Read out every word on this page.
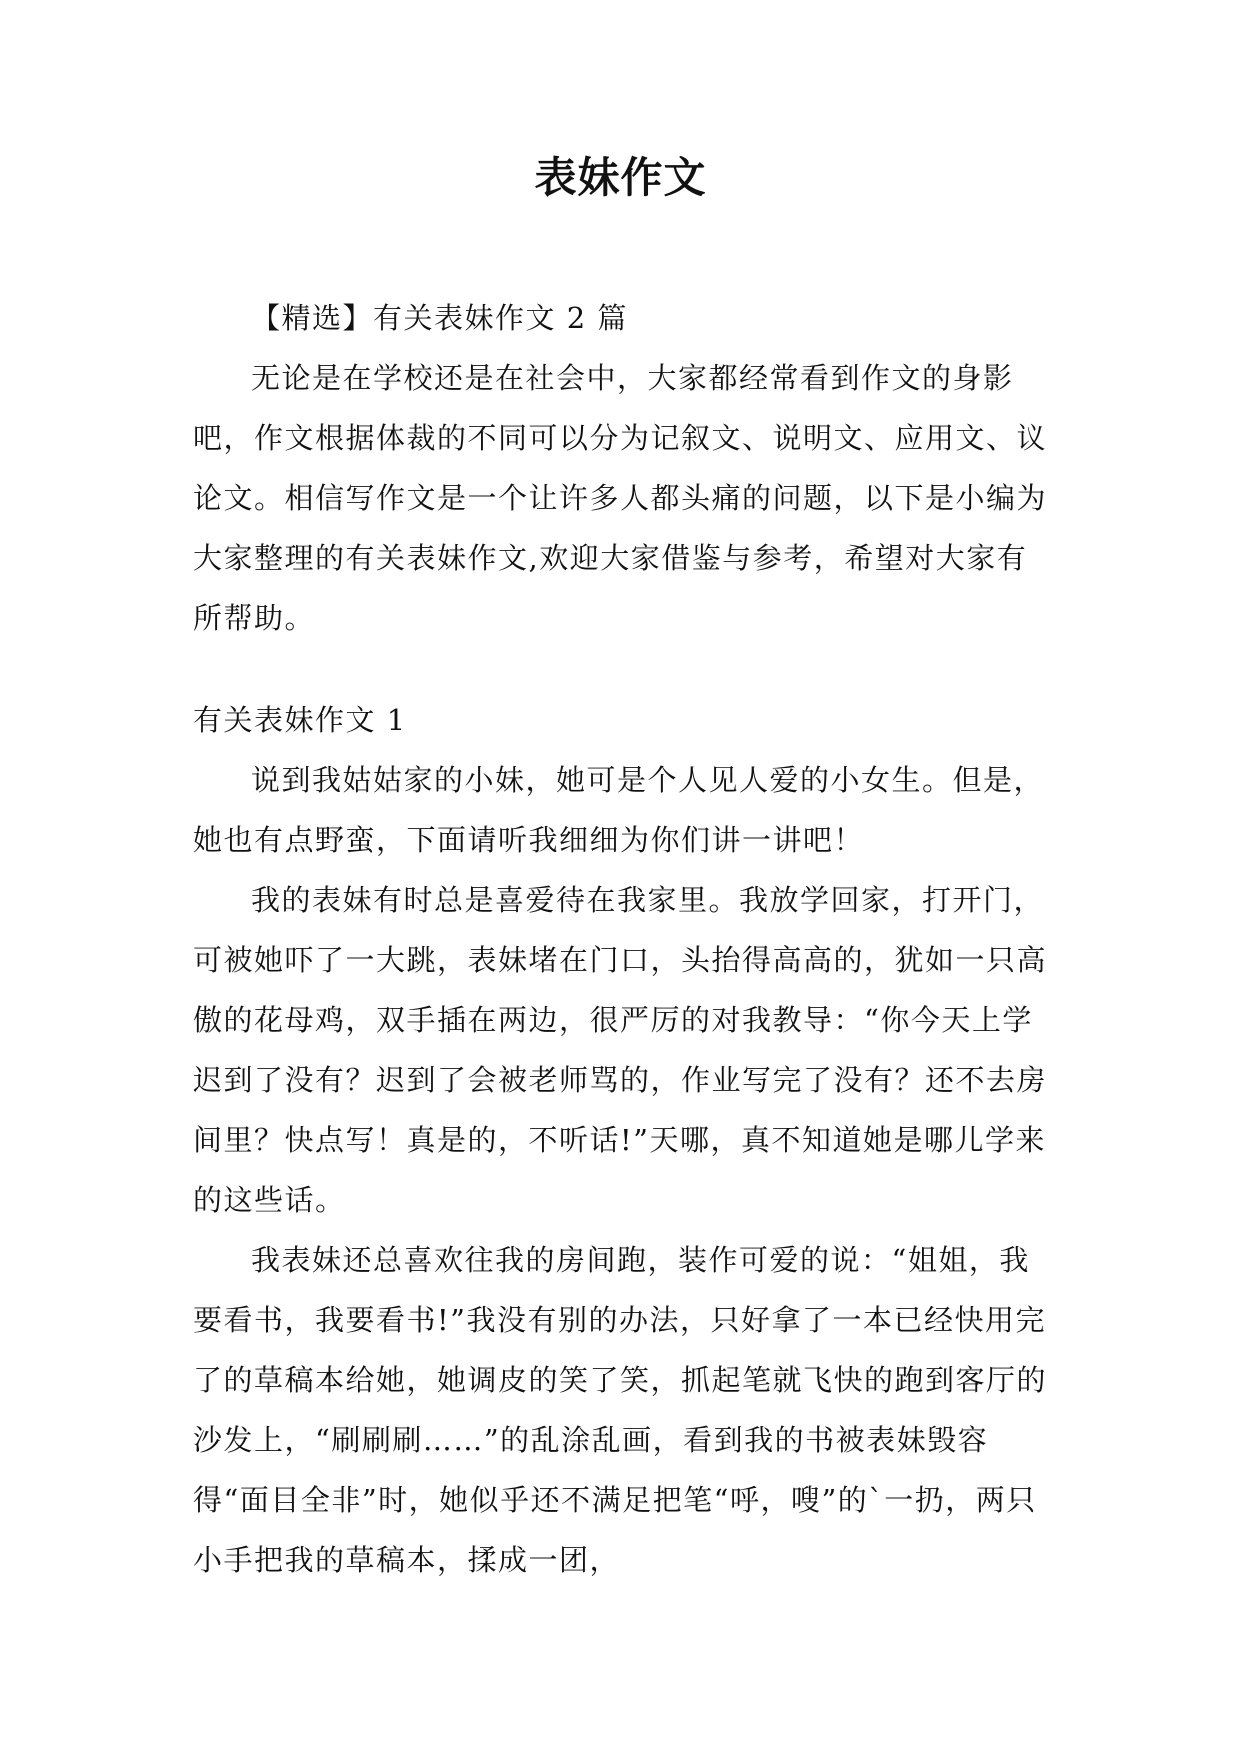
表妹作文

【精选】有关表妹作文 2 篇

无论是在学校还是在社会中，大家都经常看到作文的身影吧，作文根据体裁的不同可以分为记叙文、说明文、应用文、议论文。相信写作文是一个让许多人都头痛的问题，以下是小编为大家整理的有关表妹作文,欢迎大家借鉴与参考，希望对大家有所帮助。

有关表妹作文 1

说到我姑姑家的小妹，她可是个人见人爱的小女生。但是，她也有点野蛮，下面请听我细细为你们讲一讲吧！

我的表妹有时总是喜爱待在我家里。我放学回家，打开门，可被她吓了一大跳，表妹堵在门口，头抬得高高的，犹如一只高傲的花母鸡，双手插在两边，很严厉的对我教导：“你今天上学迟到了没有？迟到了会被老师骂的，作业写完了没有？还不去房间里？快点写！真是的，不听话!”天哪，真不知道她是哪儿学来的这些话。

我表妹还总喜欢往我的房间跑，装作可爱的说：“姐姐，我要看书，我要看书!”我没有别的办法，只好拿了一本已经快用完了的草稿本给她，她调皮的笑了笑，抓起笔就飞快的跑到客厅的沙发上，“刷刷刷……”的乱涂乱画，看到我的书被表妹毁容得“面目全非”时，她似乎还不满足把笔“呼，嗖”的`一扔，两只小手把我的草稿本，揉成一团，
